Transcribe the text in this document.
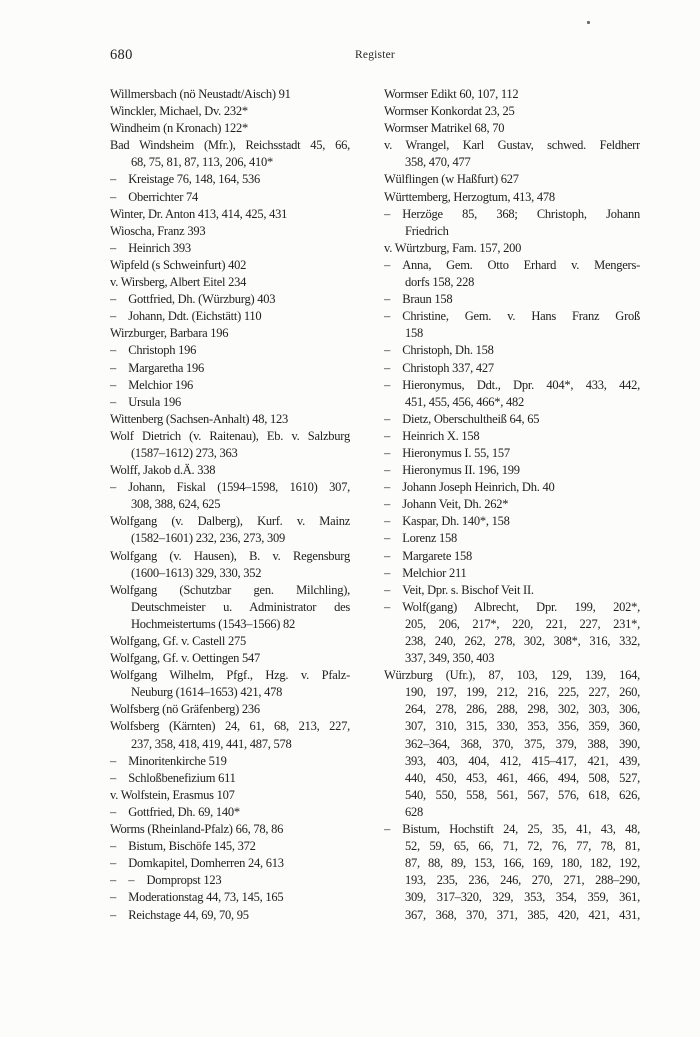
680	Register
Willmersbach (nö Neustadt/Aisch) 91
Winckler, Michael, Dv. 232*
Windheim (n Kronach) 122*
Bad Windsheim (Mfr.), Reichsstadt 45, 66,
68, 75, 81, 87, 113, 206, 410*
– Kreistage 76, 148, 164, 536
– Oberrichter 74
Winter, Dr. Anton 413, 414, 425, 431
Wioscha, Franz 393
– Heinrich 393
Wipfeld (s Schweinfurt) 402
v. Wirsberg, Albert Eitel 234
– Gottfried, Dh. (Würzburg) 403
– Johann, Ddt. (Eichstätt) 110
Wirzburger, Barbara 196
– Christoph 196
– Margaretha 196
– Melchior 196
– Ursula 196
Wittenberg (Sachsen-Anhalt) 48, 123
Wolf Dietrich (v. Raitenau), Eb. v. Salzburg
(1587–1612) 273, 363
Wolff, Jakob d.Ä. 338
– Johann, Fiskal (1594–1598, 1610) 307,
308, 388, 624, 625
Wolfgang (v. Dalberg), Kurf. v. Mainz
(1582–1601) 232, 236, 273, 309
Wolfgang (v. Hausen), B. v. Regensburg
(1600–1613) 329, 330, 352
Wolfgang (Schutzbar gen. Milchling),
Deutschmeister u. Administrator des
Hochmeistertums (1543–1566) 82
Wolfgang, Gf. v. Castell 275
Wolfgang, Gf. v. Oettingen 547
Wolfgang Wilhelm, Pfgf., Hzg. v. Pfalz-
Neuburg (1614–1653) 421, 478
Wolfsberg (nö Gräfenberg) 236
Wolfsberg (Kärnten) 24, 61, 68, 213, 227,
237, 358, 418, 419, 441, 487, 578
– Minoritenkirche 519
– Schloßbenefizium 611
v. Wolfstein, Erasmus 107
– Gottfried, Dh. 69, 140*
Worms (Rheinland-Pfalz) 66, 78, 86
– Bistum, Bischöfe 145, 372
– Domkapitel, Domherren 24, 613
– – Dompropst 123
– Moderationstag 44, 73, 145, 165
– Reichstage 44, 69, 70, 95
Wormser Edikt 60, 107, 112
Wormser Konkordat 23, 25
Wormser Matrikel 68, 70
v. Wrangel, Karl Gustav, schwed. Feldherr
358, 470, 477
Wülflingen (w Haßfurt) 627
Württemberg, Herzogtum, 413, 478
– Herzöge 85, 368; Christoph, Johann
Friedrich
v. Würtzburg, Fam. 157, 200
– Anna, Gem. Otto Erhard v. Mengers-
dorfs 158, 228
– Braun 158
– Christine, Gem. v. Hans Franz Groß
158
– Christoph, Dh. 158
– Christoph 337, 427
– Hieronymus, Ddt., Dpr. 404*, 433, 442,
451, 455, 456, 466*, 482
– Dietz, Oberschultheiß 64, 65
– Heinrich X. 158
– Hieronymus I. 55, 157
– Hieronymus II. 196, 199
– Johann Joseph Heinrich, Dh. 40
– Johann Veit, Dh. 262*
– Kaspar, Dh. 140*, 158
– Lorenz 158
– Margarete 158
– Melchior 211
– Veit, Dpr. s. Bischof Veit II.
– Wolf(gang) Albrecht, Dpr. 199, 202*,
205, 206, 217*, 220, 221, 227, 231*,
238, 240, 262, 278, 302, 308*, 316, 332,
337, 349, 350, 403
Würzburg (Ufr.), 87, 103, 129, 139, 164,
190, 197, 199, 212, 216, 225, 227, 260,
264, 278, 286, 288, 298, 302, 303, 306,
307, 310, 315, 330, 353, 356, 359, 360,
362–364, 368, 370, 375, 379, 388, 390,
393, 403, 404, 412, 415–417, 421, 439,
440, 450, 453, 461, 466, 494, 508, 527,
540, 550, 558, 561, 567, 576, 618, 626,
628
– Bistum, Hochstift 24, 25, 35, 41, 43, 48,
52, 59, 65, 66, 71, 72, 76, 77, 78, 81,
87, 88, 89, 153, 166, 169, 180, 182, 192,
193, 235, 236, 246, 270, 271, 288–290,
309, 317–320, 329, 353, 354, 359, 361,
367, 368, 370, 371, 385, 420, 421, 431,
